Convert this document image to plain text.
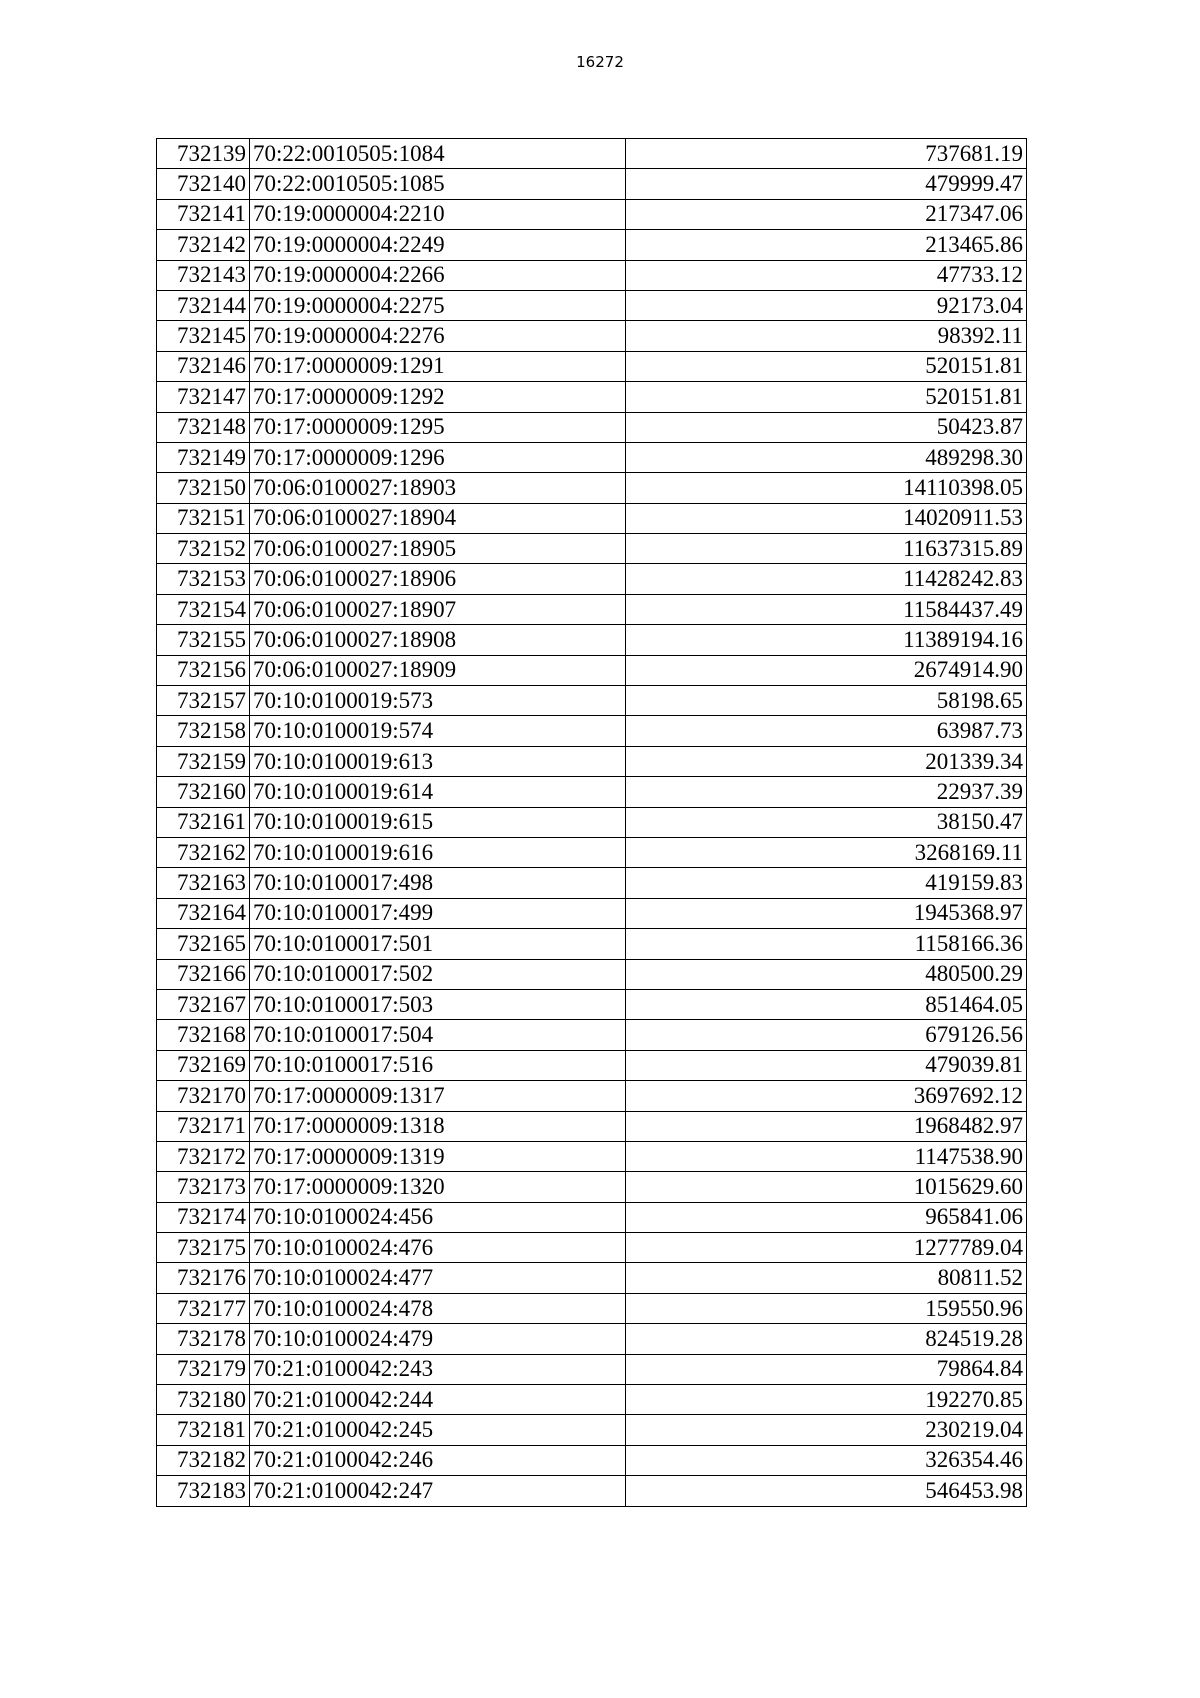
16272
732139	70:22:0010505:1084	737681.19
732140	70:22:0010505:1085	479999.47
732141	70:19:0000004:2210	217347.06
732142	70:19:0000004:2249	213465.86
732143	70:19:0000004:2266	47733.12
732144	70:19:0000004:2275	92173.04
732145	70:19:0000004:2276	98392.11
732146	70:17:0000009:1291	520151.81
732147	70:17:0000009:1292	520151.81
732148	70:17:0000009:1295	50423.87
732149	70:17:0000009:1296	489298.30
732150	70:06:0100027:18903	14110398.05
732151	70:06:0100027:18904	14020911.53
732152	70:06:0100027:18905	11637315.89
732153	70:06:0100027:18906	11428242.83
732154	70:06:0100027:18907	11584437.49
732155	70:06:0100027:18908	11389194.16
732156	70:06:0100027:18909	2674914.90
732157	70:10:0100019:573	58198.65
732158	70:10:0100019:574	63987.73
732159	70:10:0100019:613	201339.34
732160	70:10:0100019:614	22937.39
732161	70:10:0100019:615	38150.47
732162	70:10:0100019:616	3268169.11
732163	70:10:0100017:498	419159.83
732164	70:10:0100017:499	1945368.97
732165	70:10:0100017:501	1158166.36
732166	70:10:0100017:502	480500.29
732167	70:10:0100017:503	851464.05
732168	70:10:0100017:504	679126.56
732169	70:10:0100017:516	479039.81
732170	70:17:0000009:1317	3697692.12
732171	70:17:0000009:1318	1968482.97
732172	70:17:0000009:1319	1147538.90
732173	70:17:0000009:1320	1015629.60
732174	70:10:0100024:456	965841.06
732175	70:10:0100024:476	1277789.04
732176	70:10:0100024:477	80811.52
732177	70:10:0100024:478	159550.96
732178	70:10:0100024:479	824519.28
732179	70:21:0100042:243	79864.84
732180	70:21:0100042:244	192270.85
732181	70:21:0100042:245	230219.04
732182	70:21:0100042:246	326354.46
732183	70:21:0100042:247	546453.98
